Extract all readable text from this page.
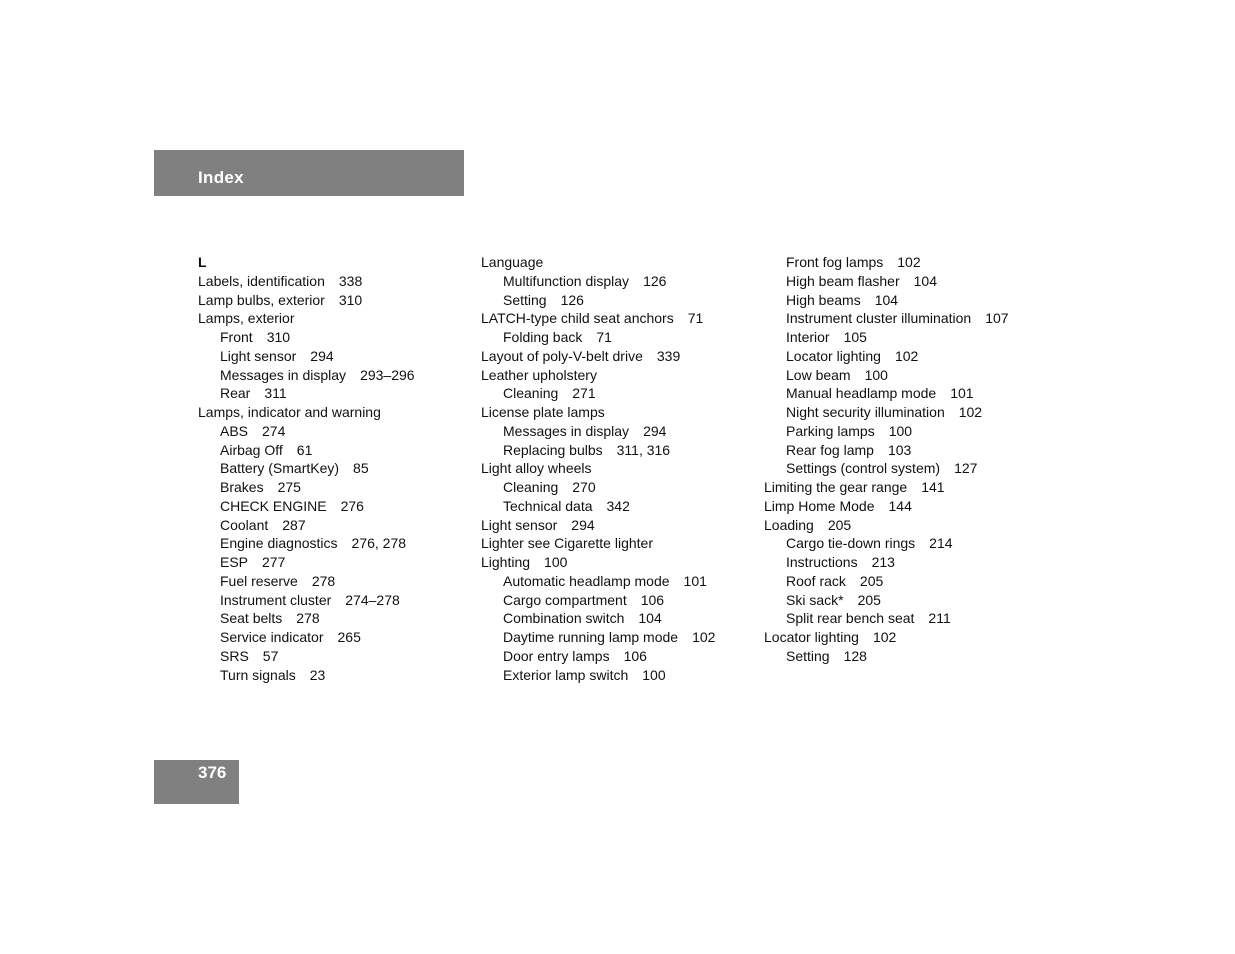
Index
L
Labels, identification 338
Lamp bulbs, exterior 310
Lamps, exterior
Front 310
Light sensor 294
Messages in display 293–296
Rear 311
Lamps, indicator and warning
ABS 274
Airbag Off 61
Battery (SmartKey) 85
Brakes 275
CHECK ENGINE 276
Coolant 287
Engine diagnostics 276, 278
ESP 277
Fuel reserve 278
Instrument cluster 274–278
Seat belts 278
Service indicator 265
SRS 57
Turn signals 23
Language
Multifunction display 126
Setting 126
LATCH-type child seat anchors 71
Folding back 71
Layout of poly-V-belt drive 339
Leather upholstery
Cleaning 271
License plate lamps
Messages in display 294
Replacing bulbs 311, 316
Light alloy wheels
Cleaning 270
Technical data 342
Light sensor 294
Lighter see Cigarette lighter
Lighting 100
Automatic headlamp mode 101
Cargo compartment 106
Combination switch 104
Daytime running lamp mode 102
Door entry lamps 106
Exterior lamp switch 100
Front fog lamps 102
High beam flasher 104
High beams 104
Instrument cluster illumination 107
Interior 105
Locator lighting 102
Low beam 100
Manual headlamp mode 101
Night security illumination 102
Parking lamps 100
Rear fog lamp 103
Settings (control system) 127
Limiting the gear range 141
Limp Home Mode 144
Loading 205
Cargo tie-down rings 214
Instructions 213
Roof rack 205
Ski sack* 205
Split rear bench seat 211
Locator lighting 102
Setting 128
376
